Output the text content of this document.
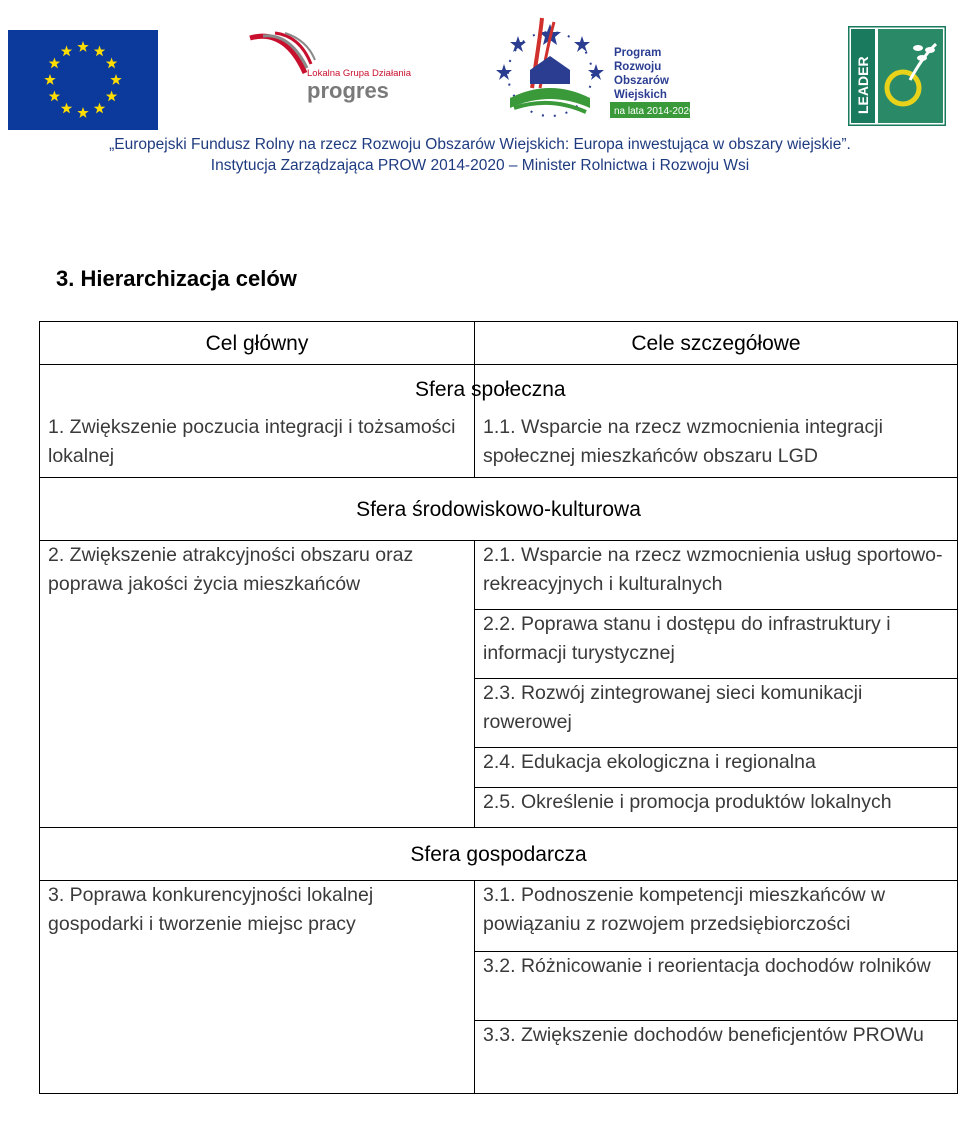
Lokalna Grupa Działania
progres
Program
Rozwoju
Obszarów
Wiejskich
na lata 2014-2020	LEADER
„Europejski Fundusz Rolny na rzecz Rozwoju Obszarów Wiejskich: Europa inwestująca w obszary wiejskie”.
Instytucja Zarządzająca PROW 2014-2020 – Minister Rolnictwa i Rozwoju Wsi
3. Hierarchizacja celów
Cel główny	Cele szczegółowe
	Sfera społeczna
1. Zwiększenie poczucia integracji i tożsamości lokalnej	1.1. Wsparcie na rzecz wzmocnienia integracji społecznej mieszkańców obszaru LGD
Sfera środowiskowo-kulturowa	
2. Zwiększenie atrakcyjności obszaru oraz poprawa jakości życia mieszkańców	2.1. Wsparcie na rzecz wzmocnienia usług sportowo-rekreacyjnych i kulturalnych
	2.2. Poprawa stanu i dostępu do infrastruktury i informacji turystycznej
	2.3. Rozwój zintegrowanej sieci komunikacji rowerowej
	2.4. Edukacja ekologiczna i regionalna
	2.5. Określenie i promocja produktów lokalnych
Sfera gospodarcza	
3. Poprawa konkurencyjności lokalnej gospodarki i tworzenie miejsc pracy	3.1. Podnoszenie kompetencji mieszkańców w powiązaniu z rozwojem przedsiębiorczości
	3.2. Różnicowanie i reorientacja dochodów rolników
	3.3. Zwiększenie dochodów beneficjentów PROWu
